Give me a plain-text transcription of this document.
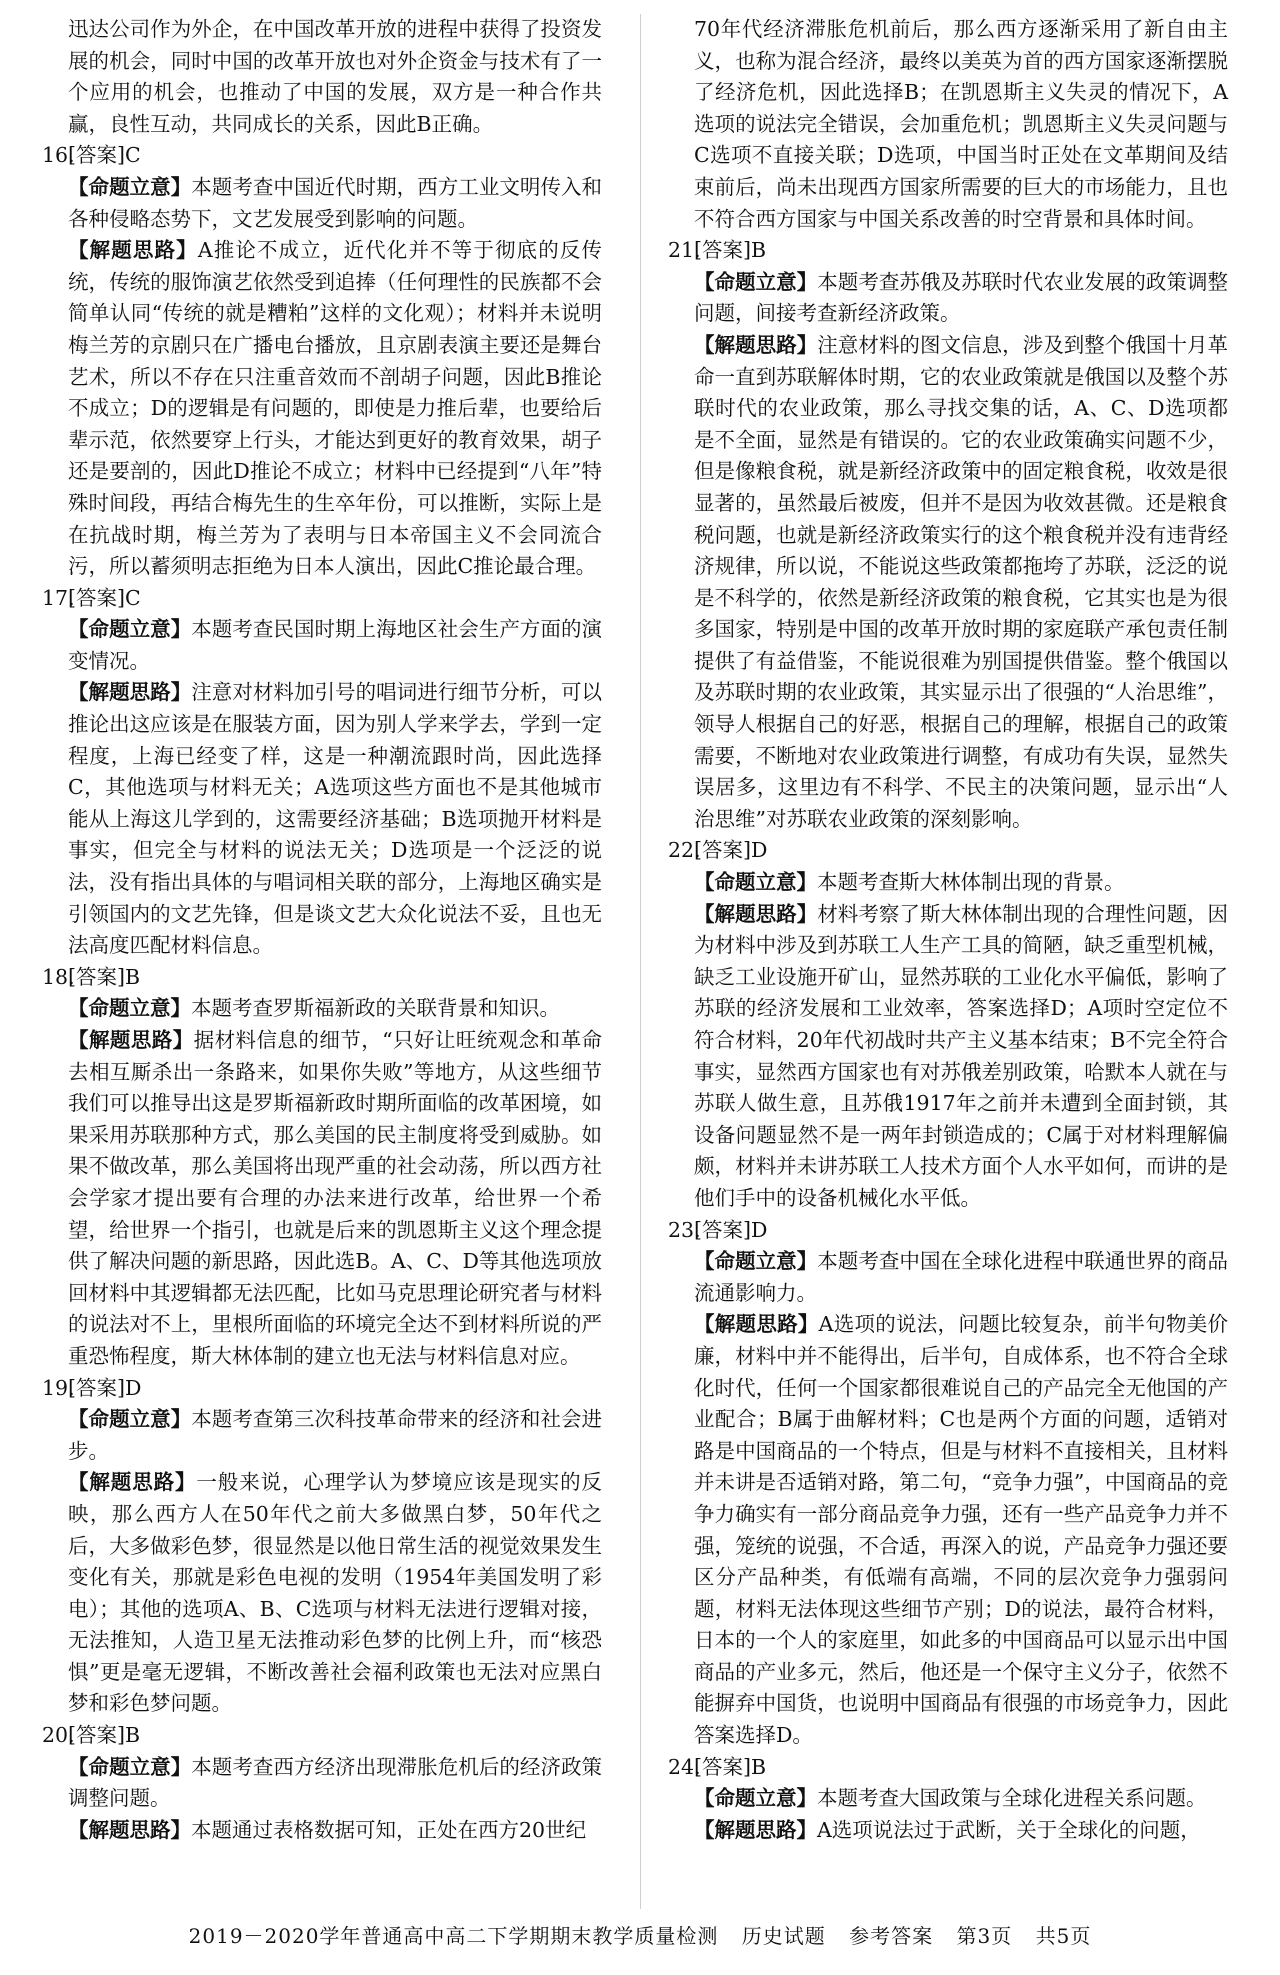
迅达公司作为外企，在中国改革开放的进程中获得了投资发展的机会，同时中国的改革开放也对外企资金与技术有了一个应用的机会，也推动了中国的发展，双方是一种合作共赢，良性互动，共同成长的关系，因此B正确。

16.[答案]C

【 命题立意 】 本题考查中国近代时期，西方工业文明传入和各种侵略态势下，文艺发展受到影响的问题。

【 解题思路 】 A推论不成立，近代化并不等于彻底的反传统，传统的服饰演艺依然受到追捧（任何理性的民族都不会简单认同“传统的就是糟粕”这样的文化观）；材料并未说明梅兰芳的京剧只在广播电台播放，且京剧表演主要还是舞台艺术，所以不存在只注重音效而不剖胡子问题，因此B推论不成立；D的逻辑是有问题的，即使是力推后辈，也要给后辈示范，依然要穿上行头，才能达到更好的教育效果，胡子还是要剖的，因此D推论不成立；材料中已经提到“八年”特殊时间段，再结合梅先生的生卒年份，可以推断，实际上是在抗战时期，梅兰芳为了表明与日本帝国主义不会同流合污，所以蓄须明志拒绝为日本人演出，因此C推论最合理。

17.[答案]C

【 命题立意 】 本题考查民国时期上海地区社会生产方面的演变情况。

【 解题思路 】 注意对材料加引号的唱词进行细节分析，可以推论出这应该是在服装方面，因为别人学来学去，学到一定程度，上海已经变了样，这是一种潮流跟时尚，因此选择C，其他选项与材料无关；A选项这些方面也不是其他城市能从上海这儿学到的，这需要经济基础；B选项抛开材料是事实，但完全与材料的说法无关；D选项是一个泛泛的说法，没有指出具体的与唱词相关联的部分，上海地区确实是引领国内的文艺先锋，但是谈文艺大众化说法不妥，且也无法高度匹配材料信息。

18.[答案]B

【 命题立意 】 本题考查罗斯福新政的关联背景和知识。

【 解题思路 】 据材料信息的细节，“只好让旺统观念和革命去相互厮杀出一条路来，如果你失败”等地方，从这些细节我们可以推导出这是罗斯福新政时期所面临的改革困境，如果采用苏联那种方式，那么美国的民主制度将受到威胁。如果不做改革，那么美国将出现严重的社会动荡，所以西方社会学家才提出要有合理的办法来进行改革，给世界一个希望，给世界一个指引，也就是后来的凯恩斯主义这个理念提供了解决问题的新思路，因此选B。A、C、D等其他选项放回材料中其逻辑都无法匹配，比如马克思理论研究者与材料的说法对不上，里根所面临的环境完全达不到材料所说的严重恐怖程度，斯大林体制的建立也无法与材料信息对应。

19.[答案]D

【 命题立意 】 本题考查第三次科技革命带来的经济和社会进步。

【 解题思路 】 一般来说，心理学认为梦境应该是现实的反映，那么西方人在50年代之前大多做黑白梦，50年代之后，大多做彩色梦，很显然是以他日常生活的视觉效果发生变化有关，那就是彩色电视的发明（1954年美国发明了彩电）；其他的选项A、B、C选项与材料无法进行逻辑对接，无法推知，人造卫星无法推动彩色梦的比例上升，而“核恐惧”更是毫无逻辑，不断改善社会福利政策也无法对应黑白梦和彩色梦问题。

20.[答案]B

【 命题立意 】 本题考查西方经济出现滞胀危机后的经济政策调整问题。

【 解题思路 】 本题通过表格数据可知，正处在西方20世纪

70年代经济滞胀危机前后，那么西方逐渐采用了新自由主义，也称为混合经济，最终以美英为首的西方国家逐渐摆脱了经济危机，因此选择B；在凯恩斯主义失灵的情况下，A选项的说法完全错误，会加重危机；凯恩斯主义失灵问题与C选项不直接关联；D选项，中国当时正处在文革期间及结束前后，尚未出现西方国家所需要的巨大的市场能力，且也不符合西方国家与中国关系改善的时空背景和具体时间。

21.[答案]B

【 命题立意 】 本题考查苏俄及苏联时代农业发展的政策调整问题，间接考查新经济政策。

【 解题思路 】 注意材料的图文信息，涉及到整个俄国十月革命一直到苏联解体时期，它的农业政策就是俄国以及整个苏联时代的农业政策，那么寻找交集的话，A、C、D选项都是不全面，显然是有错误的。它的农业政策确实问题不少，但是像粮食税，就是新经济政策中的固定粮食税，收效是很显著的，虽然最后被废，但并不是因为收效甚微。还是粮食税问题，也就是新经济政策实行的这个粮食税并没有违背经济规律，所以说，不能说这些政策都拖垮了苏联，泛泛的说是不科学的，依然是新经济政策的粮食税，它其实也是为很多国家，特别是中国的改革开放时期的家庭联产承包责任制提供了有益借鉴，不能说很难为别国提供借鉴。整个俄国以及苏联时期的农业政策，其实显示出了很强的“人治思维”，领导人根据自己的好恶，根据自己的理解，根据自己的政策需要，不断地对农业政策进行调整，有成功有失误，显然失误居多，这里边有不科学、不民主的决策问题，显示出“人治思维”对苏联农业政策的深刻影响。

22.[答案]D

【 命题立意 】 本题考查斯大林体制出现的背景。

【 解题思路 】 材料考察了斯大林体制出现的合理性问题，因为材料中涉及到苏联工人生产工具的简陋，缺乏重型机械，缺乏工业设施开矿山，显然苏联的工业化水平偏低，影响了苏联的经济发展和工业效率，答案选择D；A项时空定位不符合材料，20年代初战时共产主义基本结束；B不完全符合事实，显然西方国家也有对苏俄差别政策，哈默本人就在与苏联人做生意，且苏俄1917年之前并未遭到全面封锁，其设备问题显然不是一两年封锁造成的；C属于对材料理解偏颇，材料并未讲苏联工人技术方面个人水平如何，而讲的是他们手中的设备机械化水平低。

23.[答案]D

【 命题立意 】 本题考查中国在全球化进程中联通世界的商品流通影响力。

【 解题思路 】 A选项的说法，问题比较复杂，前半句物美价廉，材料中并不能得出，后半句，自成体系，也不符合全球化时代，任何一个国家都很难说自己的产品完全无他国的产业配合；B属于曲解材料；C也是两个方面的问题，适销对路是中国商品的一个特点，但是与材料不直接相关，且材料并未讲是否适销对路，第二句，“竞争力强”，中国商品的竞争力确实有一部分商品竞争力强，还有一些产品竞争力并不强，笼统的说强，不合适，再深入的说，产品竞争力强还要区分产品种类，有低端有高端，不同的层次竞争力强弱问题，材料无法体现这些细节产别；D的说法，最符合材料，日本的一个人的家庭里，如此多的中国商品可以显示出中国商品的产业多元，然后，他还是一个保守主义分子，依然不能摒弃中国货，也说明中国商品有很强的市场竞争力，因此答案选择D。

24.[答案]B

【 命题立意 】 本题考查大国政策与全球化进程关系问题。

【 解题思路 】 A选项说法过于武断，关于全球化的问题，

2019－2020学年普通高中高二下学期期末教学质量检测 历史试题 参考答案 第3页 共5页
